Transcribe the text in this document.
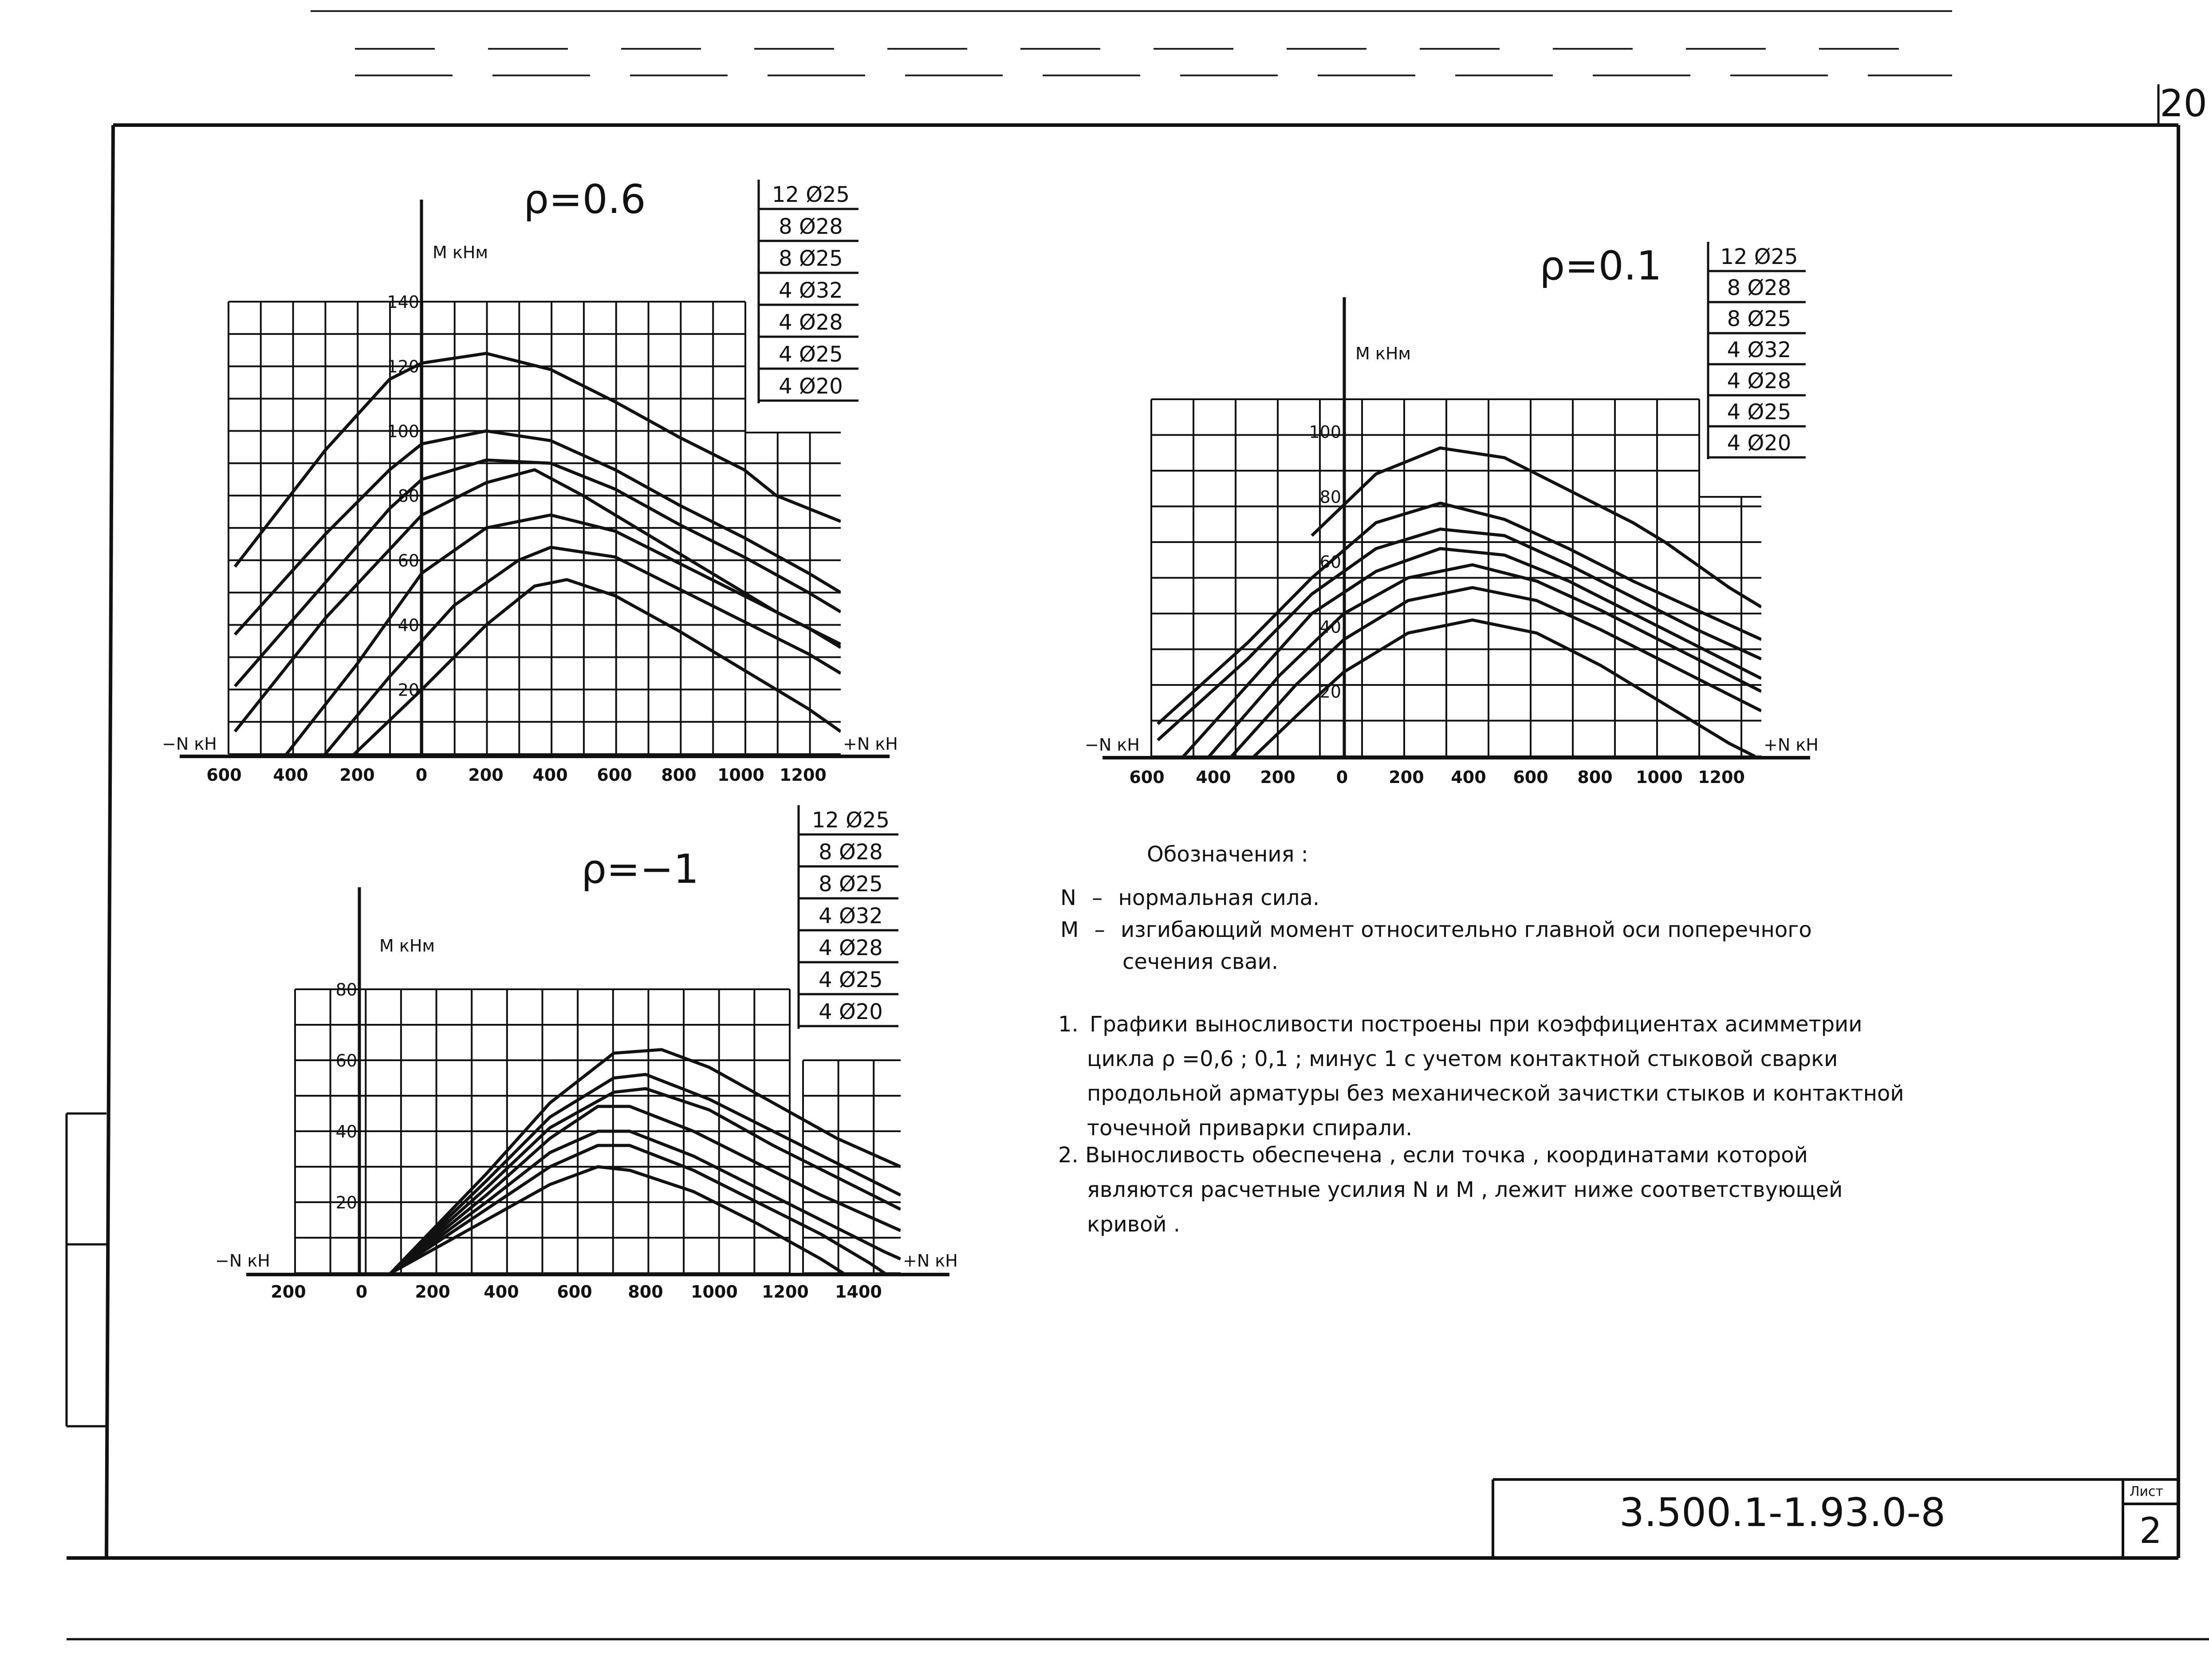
20
3.500.1-1.93.0-8	Лист
2
ρ=0.6
М кНм
−N кН	+N кН
600 400 200 0 200 400 600 800 1000 1200
140
120
100
80
60
40
20
12 Ø25
8 Ø28
8 Ø25
4 Ø32
4 Ø28
4 Ø25
4 Ø20
ρ=0.1
М кНм
−N кН	+N кН
600 400 200 0 200 400 600 800 1000 1200
100
80
60
40
20
12 Ø25
8 Ø28
8 Ø25
4 Ø32
4 Ø28
4 Ø25
4 Ø20
ρ=−1
М кНм
−N кН	+N кН
200	0	200 400 600 800 1000 1200 1400
80
60
40
20
12 Ø25
8 Ø28
8 Ø25
4 Ø32
4 Ø28
4 Ø25
4 Ø20
Обозначения :
N – нормальная сила.
M – изгибающий момент относительно главной оси поперечного
сечения сваи.
1. Графики выносливости построены при коэффициентах асимметрии
цикла ρ =0,6 ; 0,1 ; минус 1 с учетом контактной стыковой сварки
продольной арматуры без механической зачистки стыков и контактной
точечной приварки спирали.
2. Выносливость обеспечена , если точка , координатами которой
являются расчетные усилия N и M , лежит ниже соответствующей
кривой .
